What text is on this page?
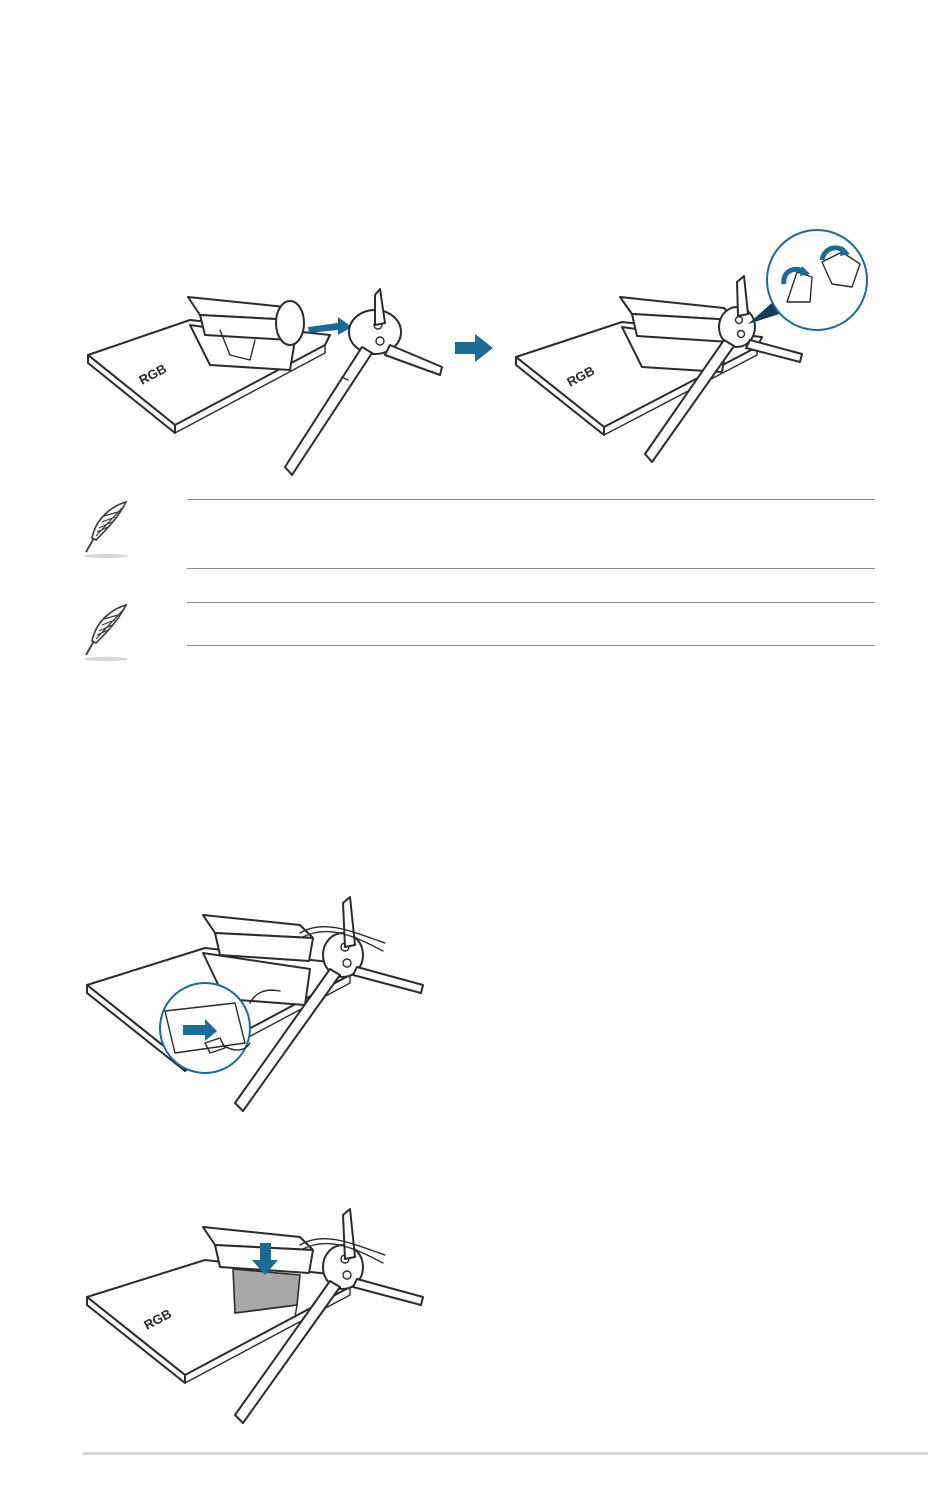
RGB	RGB
RGB
